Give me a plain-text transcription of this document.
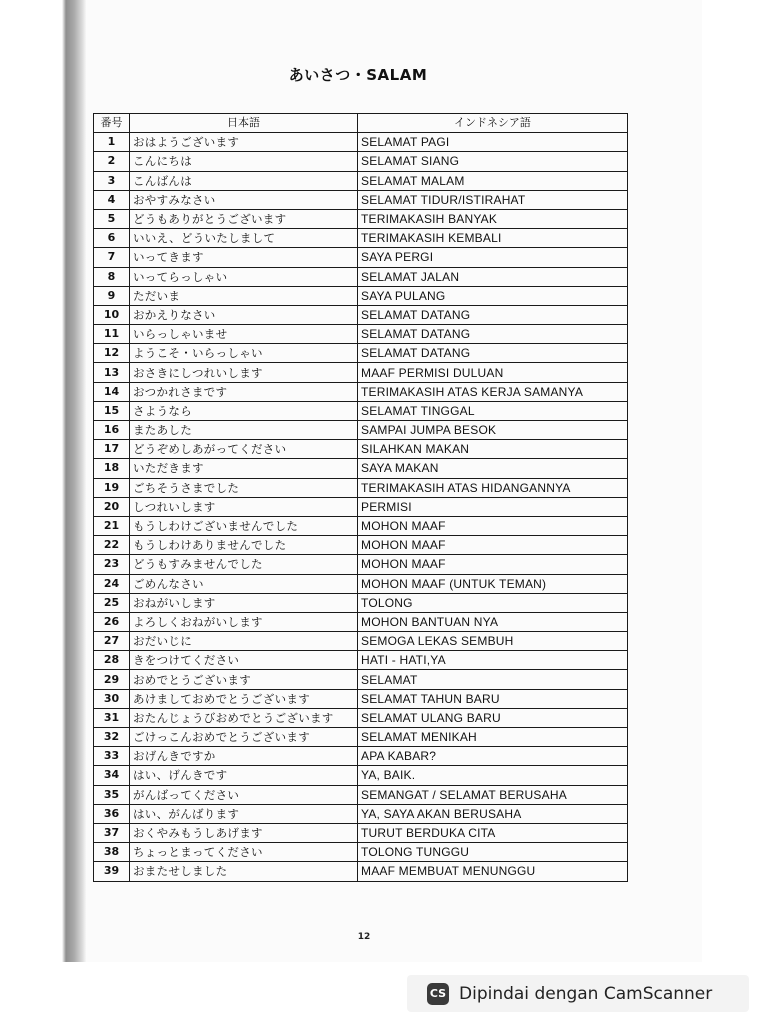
あいさつ・SALAM
番号	日本語	インドネシア語
1	おはようございます	SELAMAT PAGI
2	こんにちは	SELAMAT SIANG
3	こんばんは	SELAMAT MALAM
4	おやすみなさい	SELAMAT TIDUR/ISTIRAHAT
5	どうもありがとうございます	TERIMAKASIH BANYAK
6	いいえ、どういたしまして	TERIMAKASIH KEMBALI
7	いってきます	SAYA PERGI
8	いってらっしゃい	SELAMAT JALAN
9	ただいま	SAYA PULANG
10	おかえりなさい	SELAMAT DATANG
11	いらっしゃいませ	SELAMAT DATANG
12	ようこそ・いらっしゃい	SELAMAT DATANG
13	おさきにしつれいします	MAAF PERMISI DULUAN
14	おつかれさまです	TERIMAKASIH ATAS KERJA SAMANYA
15	さようなら	SELAMAT TINGGAL
16	またあした	SAMPAI JUMPA BESOK
17	どうぞめしあがってください	SILAHKAN MAKAN
18	いただきます	SAYA MAKAN
19	ごちそうさまでした	TERIMAKASIH ATAS HIDANGANNYA
20	しつれいします	PERMISI
21	もうしわけございませんでした	MOHON MAAF
22	もうしわけありませんでした	MOHON MAAF
23	どうもすみませんでした	MOHON MAAF
24	ごめんなさい	MOHON MAAF (UNTUK TEMAN)
25	おねがいします	TOLONG
26	よろしくおねがいします	MOHON BANTUAN NYA
27	おだいじに	SEMOGA LEKAS SEMBUH
28	きをつけてください	HATI - HATI,YA
29	おめでとうございます	SELAMAT
30	あけましておめでとうございます	SELAMAT TAHUN BARU
31	おたんじょうびおめでとうございます	SELAMAT ULANG BARU
32	ごけっこんおめでとうございます	SELAMAT MENIKAH
33	おげんきですか	APA KABAR?
34	はい、げんきです	YA, BAIK.
35	がんばってください	SEMANGAT / SELAMAT BERUSAHA
36	はい、がんばります	YA, SAYA AKAN BERUSAHA
37	おくやみもうしあげます	TURUT BERDUKA CITA
38	ちょっとまってください	TOLONG TUNGGU
39	おまたせしました	MAAF MEMBUAT MENUNGGU
12
CS Dipindai dengan CamScanner
